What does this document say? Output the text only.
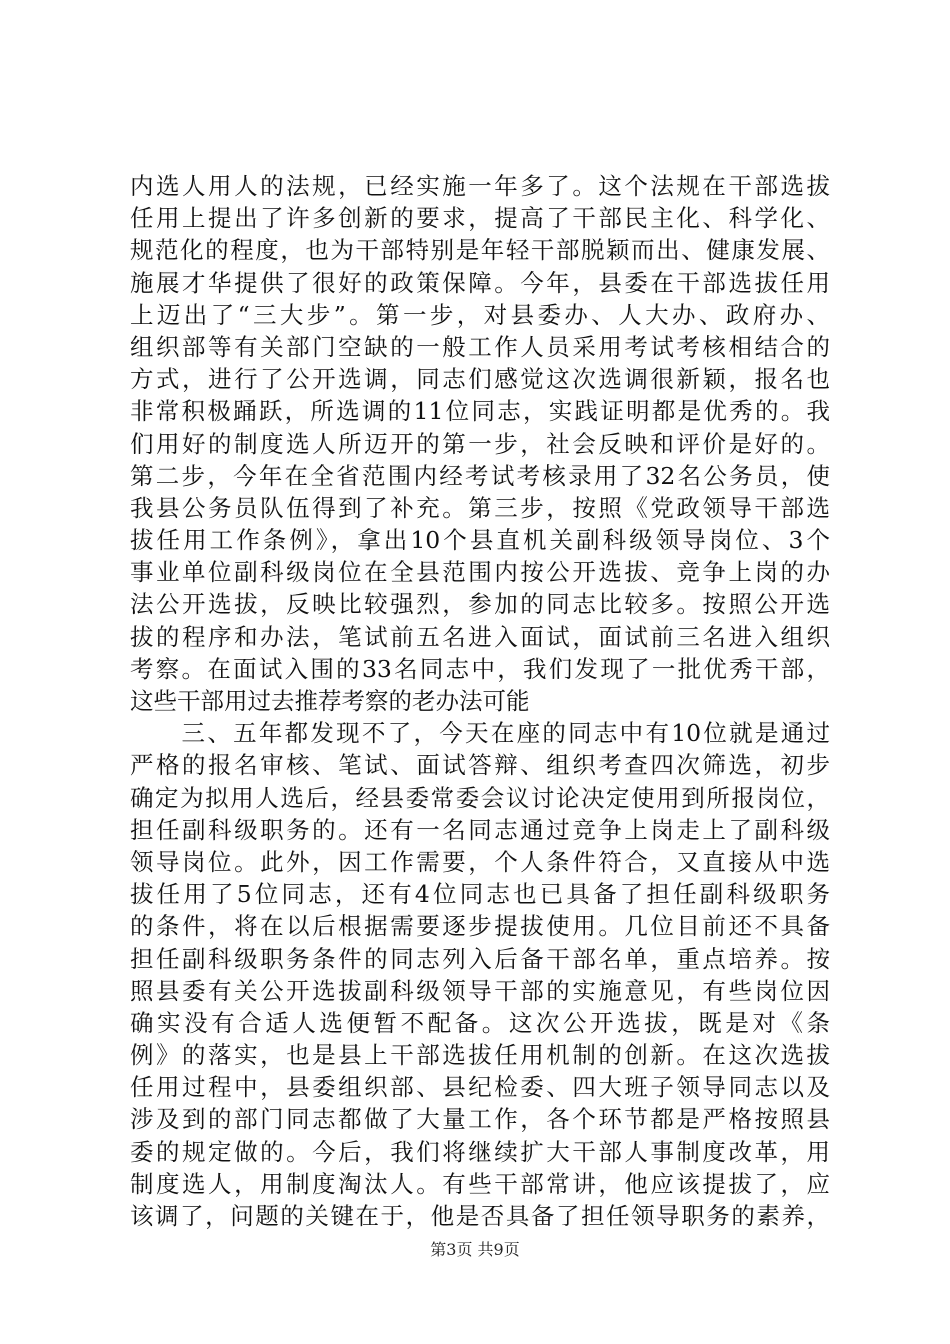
内选人用人的法规，已经实施一年多了。这个法规在干部选拔
任用上提出了许多创新的要求，提高了干部民主化、科学化、
规范化的程度，也为干部特别是年轻干部脱颖而出、健康发展、
施展才华提供了很好的政策保障。今年，县委在干部选拔任用
上迈出了“三大步”。第一步，对县委办、人大办、政府办、
组织部等有关部门空缺的一般工作人员采用考试考核相结合的
方式，进行了公开选调，同志们感觉这次选调很新颖，报名也
非常积极踊跃，所选调的11位同志，实践证明都是优秀的。我
们用好的制度选人所迈开的第一步，社会反映和评价是好的。
第二步，今年在全省范围内经考试考核录用了32名公务员，使
我县公务员队伍得到了补充。第三步，按照《党政领导干部选
拔任用工作条例》，拿出10个县直机关副科级领导岗位、3个
事业单位副科级岗位在全县范围内按公开选拔、竞争上岗的办
法公开选拔，反映比较强烈，参加的同志比较多。按照公开选
拔的程序和办法，笔试前五名进入面试，面试前三名进入组织
考察。在面试入围的33名同志中，我们发现了一批优秀干部，
这些干部用过去推荐考察的老办法可能
　　三、五年都发现不了，今天在座的同志中有10位就是通过
严格的报名审核、笔试、面试答辩、组织考查四次筛选，初步
确定为拟用人选后，经县委常委会议讨论决定使用到所报岗位，
担任副科级职务的。还有一名同志通过竞争上岗走上了副科级
领导岗位。此外，因工作需要，个人条件符合，又直接从中选
拔任用了5位同志，还有4位同志也已具备了担任副科级职务
的条件，将在以后根据需要逐步提拔使用。几位目前还不具备
担任副科级职务条件的同志列入后备干部名单，重点培养。按
照县委有关公开选拔副科级领导干部的实施意见，有些岗位因
确实没有合适人选便暂不配备。这次公开选拔，既是对《条
例》的落实，也是县上干部选拔任用机制的创新。在这次选拔
任用过程中，县委组织部、县纪检委、四大班子领导同志以及
涉及到的部门同志都做了大量工作，各个环节都是严格按照县
委的规定做的。今后，我们将继续扩大干部人事制度改革，用
制度选人，用制度淘汰人。有些干部常讲，他应该提拔了，应
该调了，问题的关键在于，他是否具备了担任领导职务的素养，
第3页 共9页
